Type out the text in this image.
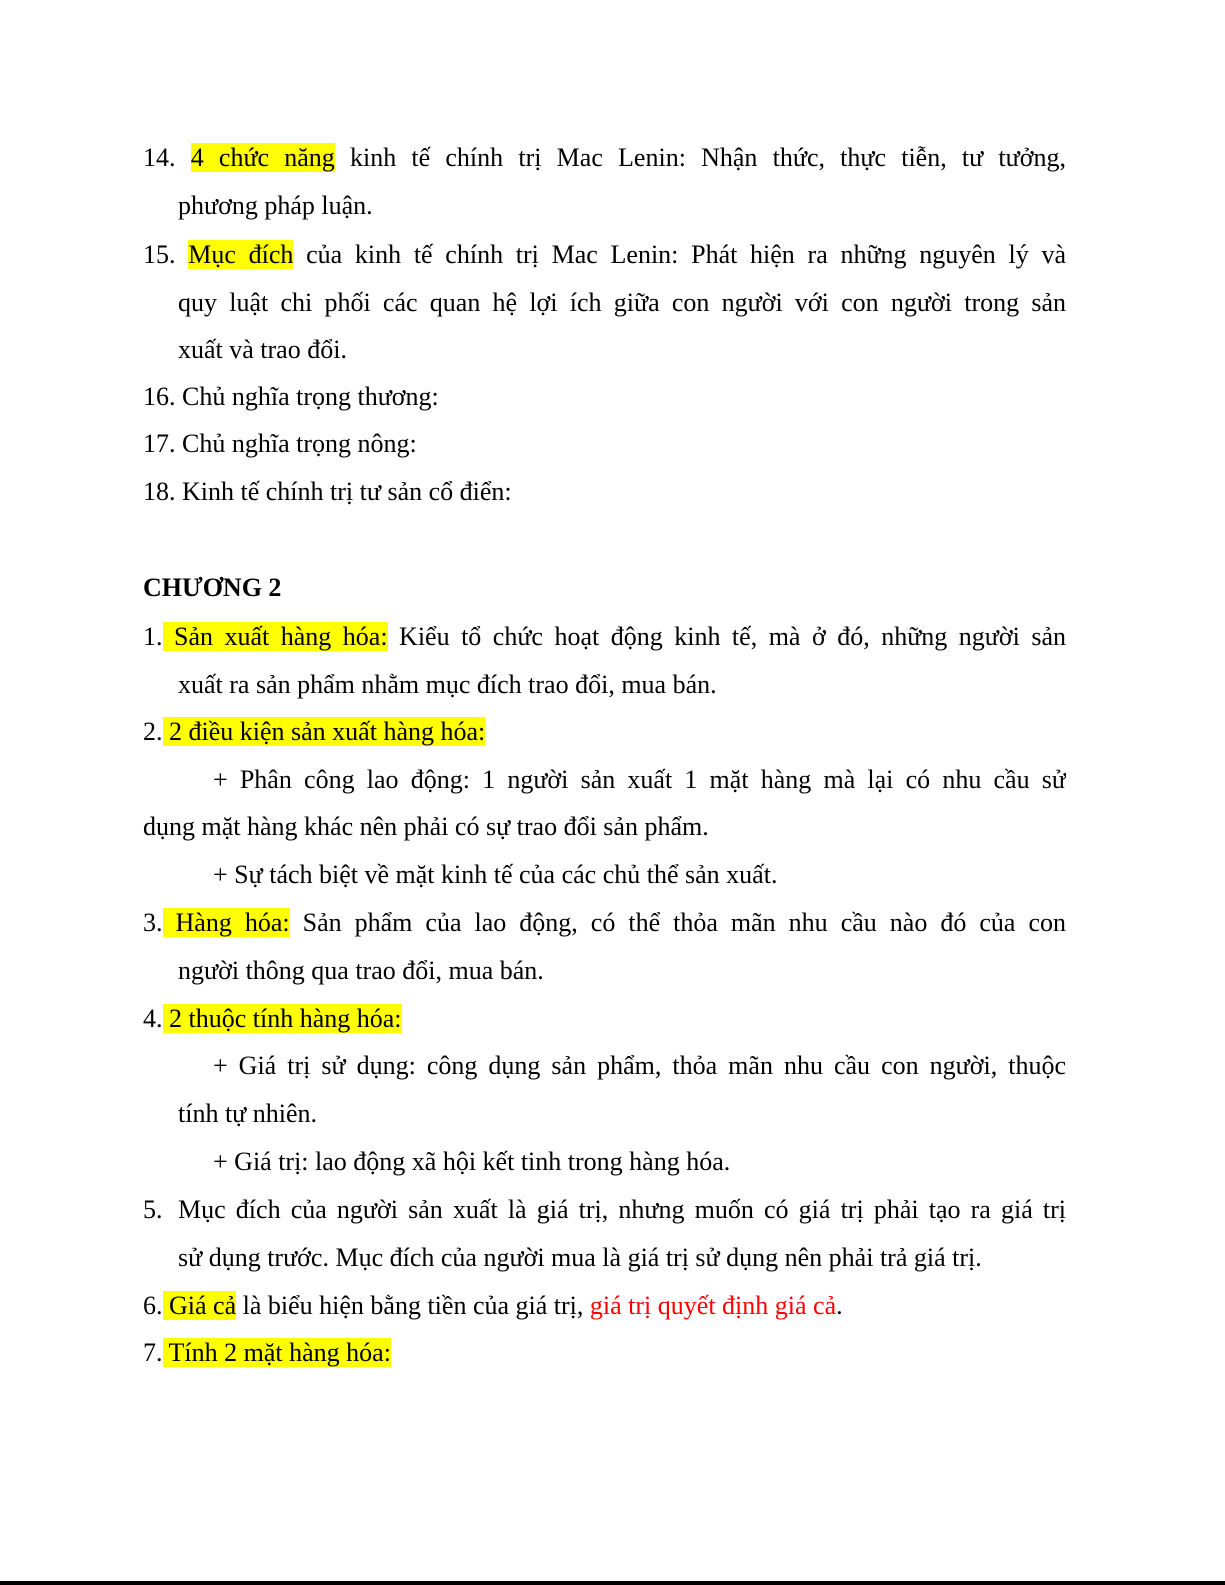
14. 4 chức năng kinh tế chính trị Mac Lenin: Nhận thức, thực tiễn, tư tưởng,
phương pháp luận.
15. Mục đích của kinh tế chính trị Mac Lenin: Phát hiện ra những nguyên lý và
quy luật chi phối các quan hệ lợi ích giữa con người với con người trong sản
xuất và trao đổi.
16. Chủ nghĩa trọng thương:
17. Chủ nghĩa trọng nông:
18. Kinh tế chính trị tư sản cổ điển:
CHƯƠNG 2
1. Sản xuất hàng hóa: Kiểu tổ chức hoạt động kinh tế, mà ở đó, những người sản
xuất ra sản phẩm nhằm mục đích trao đổi, mua bán.
2. 2 điều kiện sản xuất hàng hóa:
+ Phân công lao động: 1 người sản xuất 1 mặt hàng mà lại có nhu cầu sử
dụng mặt hàng khác nên phải có sự trao đổi sản phẩm.
+ Sự tách biệt về mặt kinh tế của các chủ thể sản xuất.
3. Hàng hóa: Sản phẩm của lao động, có thể thỏa mãn nhu cầu nào đó của con
người thông qua trao đổi, mua bán.
4. 2 thuộc tính hàng hóa:
+ Giá trị sử dụng: công dụng sản phẩm, thỏa mãn nhu cầu con người, thuộc
tính tự nhiên.
+ Giá trị: lao động xã hội kết tinh trong hàng hóa.
5. Mục đích của người sản xuất là giá trị, nhưng muốn có giá trị phải tạo ra giá trị
sử dụng trước. Mục đích của người mua là giá trị sử dụng nên phải trả giá trị.
6. Giá cả là biểu hiện bằng tiền của giá trị, giá trị quyết định giá cả.
7. Tính 2 mặt hàng hóa:
